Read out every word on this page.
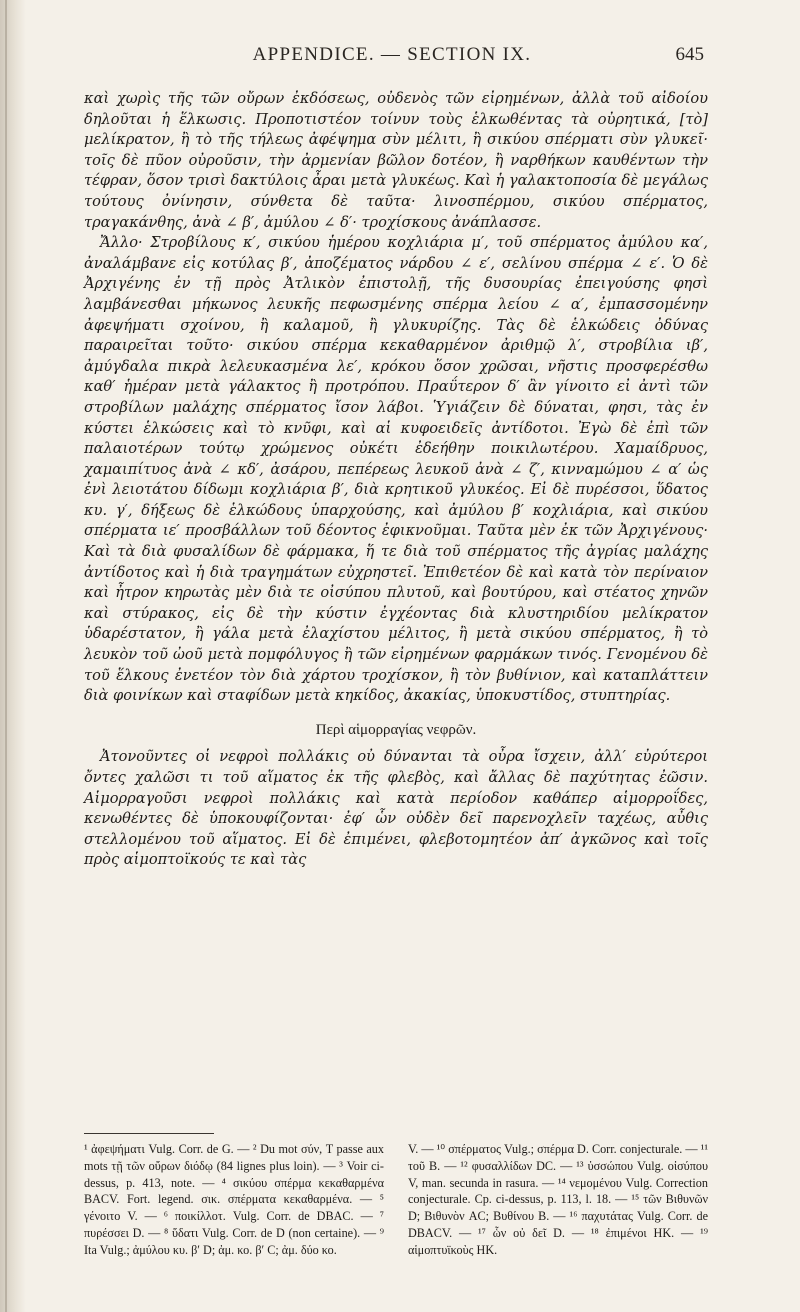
APPENDICE. — SECTION IX.	645

καὶ χωρὶς τῆς τῶν οὔρων ἐκδόσεως, οὐδενὸς τῶν εἰρημένων, ἀλλὰ τοῦ αἰδοίου δηλοῦται ἡ ἕλκωσις. Προποτιστέον τοίνυν τοὺς ἑλκωθέντας τὰ οὐρητικά, [τὸ] μελίκρατον, ἢ τὸ τῆς τήλεως ἀφέψημα σὺν μέλιτι, ἢ σικύου σπέρματι σὺν γλυκεῖ· τοῖς δὲ πῦον οὐροῦσιν, τὴν ἀρμενίαν βῶλον δοτέον, ἢ ναρθήκων καυθέντων τὴν τέφραν, ὅσον τρισὶ δακτύλοις ἆραι μετὰ γλυκέως. Καὶ ἡ γαλακτοποσία δὲ μεγάλως τούτους ὀνίνησιν, σύνθετα δὲ ταῦτα· λινοσπέρμου, σικύου σπέρματος, τραγακάνθης, ἀνὰ ∠ β′, ἀμύλου ∠ δ′· τροχίσκους ἀνάπλασσε.

Ἄλλο· Στροβίλους κ′, σικύου ἡμέρου κοχλιάρια μ′, τοῦ σπέρματος ἀμύλου κα′, ἀναλάμβανε εἰς κοτύλας β′, ἀποζέματος νάρδου ∠ ε′, σελίνου σπέρμα ∠ ε′. Ὁ δὲ Ἀρχιγένης ἐν τῇ πρὸς Ἀτλικὸν ἐπιστολῇ, τῆς δυσουρίας ἐπειγούσης φησὶ λαμβάνεσθαι μήκωνος λευκῆς πεφωσμένης σπέρμα λείου ∠ α′, ἐμπασσομένην ἀφεψήματι σχοίνου, ἢ καλαμοῦ, ἢ γλυκυρίζης. Τὰς δὲ ἑλκώδεις ὀδύνας παραιρεῖται τοῦτο· σικύου σπέρμα κεκαθαρμένον ἀριθμῷ λ′, στροβίλια ιβ′, ἀμύγδαλα πικρὰ λελευκασμένα λε′, κρόκου ὅσον χρῶσαι, νῆστις προσφερέσθω καθ′ ἡμέραν μετὰ γάλακτος ἢ προτρόπου. Πραΰτερον δ′ ἂν γίνοιτο εἰ ἀντὶ τῶν στροβίλων μαλάχης σπέρματος ἴσον λάβοι. Ὑγιάζειν δὲ δύναται, φησι, τὰς ἐν κύστει ἑλκώσεις καὶ τὸ κνῦφι, καὶ αἱ κυφοειδεῖς ἀντίδοτοι. Ἐγὼ δὲ ἐπὶ τῶν παλαιοτέρων τούτῳ χρώμενος οὐκέτι ἐδεήθην ποικιλωτέρου. Χαμαίδρυος, χαμαιπίτυος ἀνὰ ∠ κδ′, ἀσάρου, πεπέρεως λευκοῦ ἀνὰ ∠ ζ′, κινναμώμου ∠ α′ ὡς ἐνὶ λειοτάτου δίδωμι κοχλιάρια β′, διὰ κρητικοῦ γλυκέος. Εἰ δὲ πυρέσσοι, ὕδατος κυ. γ′, δήξεως δὲ ἑλκώδους ὑπαρχούσης, καὶ ἀμύλου β′ κοχλιάρια, καὶ σικύου σπέρματα ιε′ προσβάλλων τοῦ δέοντος ἐφικνοῦμαι. Ταῦτα μὲν ἐκ τῶν Ἀρχιγένους· Καὶ τὰ διὰ φυσαλίδων δὲ φάρμακα, ἥ τε διὰ τοῦ σπέρματος τῆς ἀγρίας μαλάχης ἀντίδοτος καὶ ἡ διὰ τραγημάτων εὐχρηστεῖ. Ἐπιθετέον δὲ καὶ κατὰ τὸν περίναιον καὶ ἦτρον κηρωτὰς μὲν διὰ τε οἰσύπου πλυτοῦ, καὶ βουτύρου, καὶ στέατος χηνῶν καὶ στύρακος, εἰς δὲ τὴν κύστιν ἐγχέοντας διὰ κλυστηριδίου μελίκρατον ὑδαρέστατον, ἢ γάλα μετὰ ἐλαχίστου μέλιτος, ἢ μετὰ σικύου σπέρματος, ἢ τὸ λευκὸν τοῦ ὠοῦ μετὰ πομφόλυγος ἢ τῶν εἰρημένων φαρμάκων τινός. Γενομένου δὲ τοῦ ἕλκους ἐνετέον τὸν διὰ χάρτου τροχίσκον, ἢ τὸν βυθίνιον, καὶ καταπλάττειν διὰ φοινίκων καὶ σταφίδων μετὰ κηκίδος, ἀκακίας, ὑποκυστίδος, στυπτηρίας.

Περὶ αἱμορραγίας νεφρῶν.

Ἀτονοῦντες οἱ νεφροὶ πολλάκις οὐ δύνανται τὰ οὖρα ἴσχειν, ἀλλ′ εὐρύτεροι ὄντες χαλῶσι τι τοῦ αἵματος ἐκ τῆς φλεβὸς, καὶ ἄλλας δὲ παχύτητας ἐῶσιν. Αἱμορραγοῦσι νεφροὶ πολλάκις καὶ κατὰ περίοδον καθάπερ αἱμορροΐδες, κενωθέντες δὲ ὑποκουφίζονται· ἐφ′ ὧν οὐδὲν δεῖ παρενοχλεῖν ταχέως, αὖθις στελλομένου τοῦ αἵματος. Εἰ δὲ ἐπιμένει, φλεβοτομητέον ἀπ′ ἀγκῶνος καὶ τοῖς πρὸς αἱμοπτοϊκούς τε καὶ τὰς

¹ ἀφεψήματι Vulg. Corr. de G. — ² Du mot σύν, T passe aux mots τῇ τῶν οὔρων διόδῳ (84 lignes plus loin). — ³ Voir ci-dessus, p. 413, note. — ⁴ σικύου σπέρμα κεκαθαρμένα BACV. Fort. legend. σικ. σπέρματα κεκαθαρμένα. — ⁵ γένοιτο V. — ⁶ ποικίλλοτ. Vulg. Corr. de DBAC. — ⁷ πυρέσσει D. — ⁸ ὕδατι Vulg. Corr. de D (non certaine). — ⁹ Ita Vulg.; ἀμύλου κυ. β′ D; ἀμ. κο. β′ C; ἀμ. δύο κο.
V. — ¹⁰ σπέρματος Vulg.; σπέρμα D. Corr. conjecturale. — ¹¹ τοῦ B. — ¹² φυσαλλίδων DC. — ¹³ ὑσσώπου Vulg. οἰσύπου V, man. secunda in rasura. — ¹⁴ νεμομένου Vulg. Correction conjecturale. Cp. ci-dessus, p. 113, l. 18. — ¹⁵ τῶν Βιθυνῶν D; Βιθυνὸν AC; Βυθίνου B. — ¹⁶ παχυτάτας Vulg. Corr. de DBACV. — ¹⁷ ὧν οὐ δεῖ D. — ¹⁸ ἐπιμένοι HK. — ¹⁹ αἱμοπτυϊκοὺς HK.
